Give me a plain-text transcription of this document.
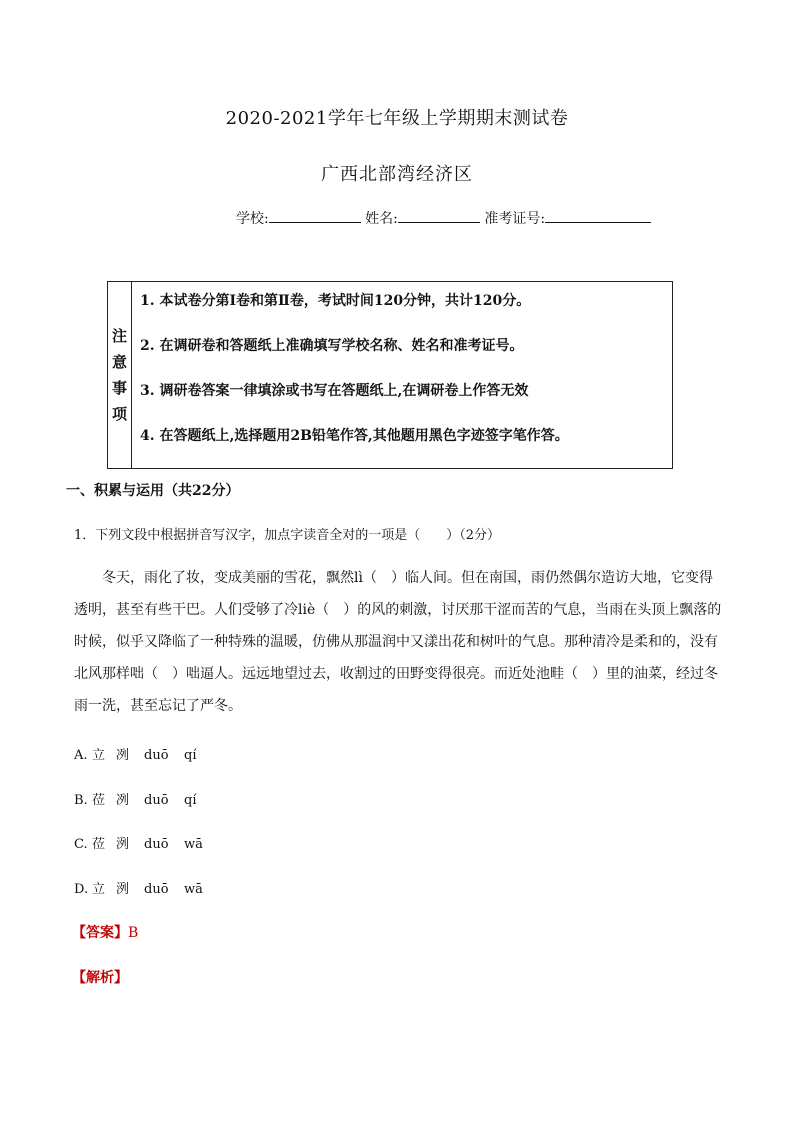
2020-2021学年七年级上学期期末测试卷
广西北部湾经济区
学校:	姓名:	准考证号:
注意事项
1. 本试卷分第Ⅰ卷和第Ⅱ卷，考试时间120分钟，共计120分。
2. 在调研卷和答题纸上准确填写学校名称、姓名和准考证号。
3. 调研卷答案一律填涂或书写在答题纸上,在调研卷上作答无效
4. 在答题纸上,选择题用2B铅笔作答,其他题用黑色字迹签字笔作答。
一、积累与运用（共22分）
1．下列文段中根据拼音写汉字，加点字读音全对的一项是（　　）（2分）
冬天，雨化了妆，变成美丽的雪花，飘然lì（　）临人间。但在南国，雨仍然偶尔造访大地，它变得透明，甚至有些干巴。人们受够了冷liè（　）的风的刺激，讨厌那干涩而苦的气息，当雨在头顶上飘落的时候，似乎又降临了一种特殊的温暖，仿佛从那温润中又漾出花和树叶的气息。那种清冷是柔和的，没有北风那样咄（　）咄逼人。远远地望过去，收割过的田野变得很亮。而近处池畦（　）里的油菜，经过冬雨一洗，甚至忘记了严冬。
A. 立 冽 duō qí
B. 莅 冽 duō qí
C. 莅 洌 duō wā
D. 立 洌 duō wā
【答案】B
【解析】
